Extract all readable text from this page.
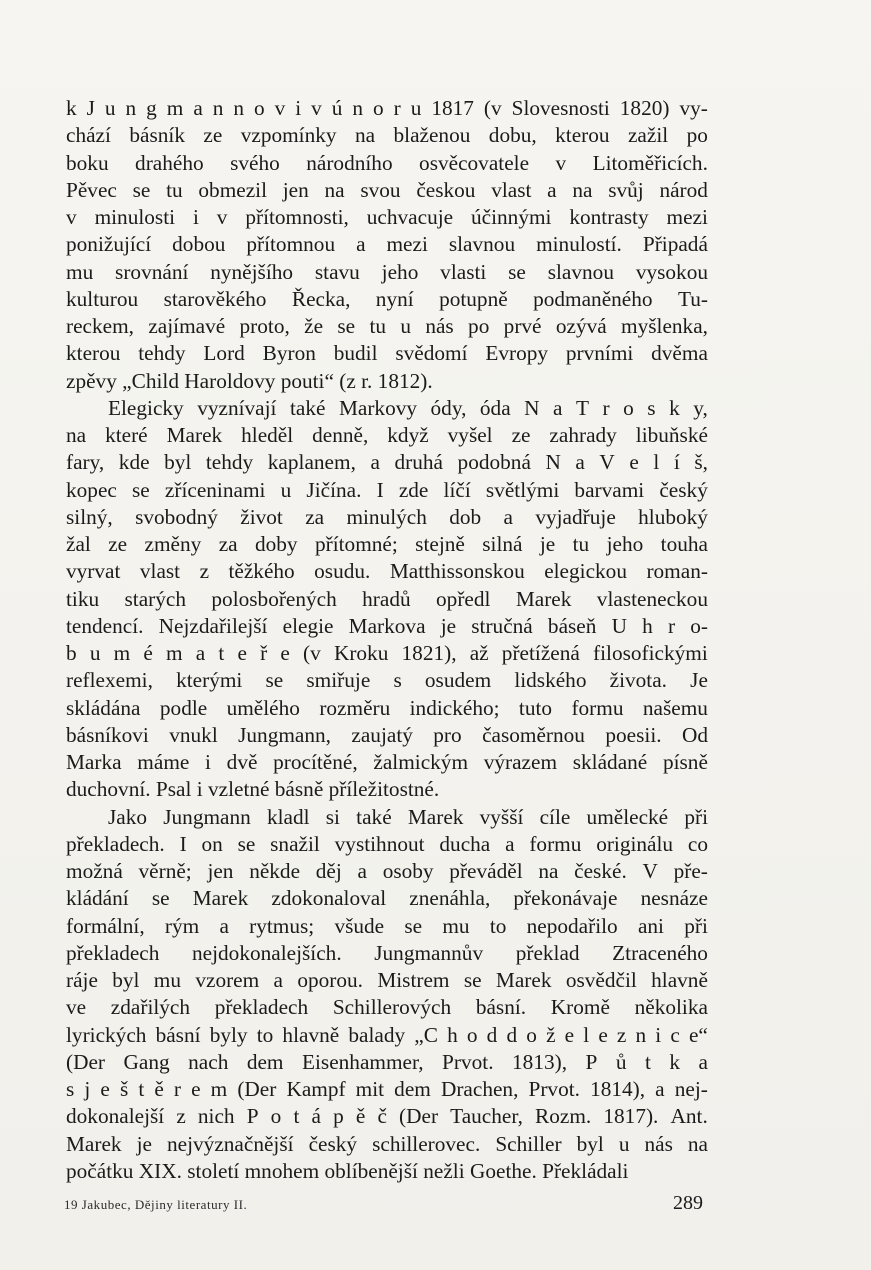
k J u n g m a n n o v i v ú n o r u 1817 (v Slovesnosti 1820) vy-
chází básník ze vzpomínky na blaženou dobu, kterou zažil po
boku drahého svého národního osvěcovatele v Litoměřicích.
Pěvec se tu obmezil jen na svou českou vlast a na svůj národ
v minulosti i v přítomnosti, uchvacuje účinnými kontrasty mezi
ponižující dobou přítomnou a mezi slavnou minulostí. Připadá
mu srovnání nynějšího stavu jeho vlasti se slavnou vysokou
kulturou starověkého Řecka, nyní potupně podmaněného Tu-
reckem, zajímavé proto, že se tu u nás po prvé ozývá myšlenka,
kterou tehdy Lord Byron budil svědomí Evropy prvními dvěma
zpěvy „Child Haroldovy pouti“ (z r. 1812).
Elegicky vyznívají také Markovy ódy, óda N a T r o s k y,
na které Marek hleděl denně, když vyšel ze zahrady libuňské
fary, kde byl tehdy kaplanem, a druhá podobná N a V e l í š,
kopec se zříceninami u Jičína. I zde líčí světlými barvami český
silný, svobodný život za minulých dob a vyjadřuje hluboký
žal ze změny za doby přítomné; stejně silná je tu jeho touha
vyrvat vlast z těžkého osudu. Matthissonskou elegickou roman-
tiku starých polosbořených hradů opředl Marek vlasteneckou
tendencí. Nejzdařilejší elegie Markova je stručná báseň U h r o-
b u m é m a t e ř e (v Kroku 1821), až přetížená filosofickými
reflexemi, kterými se smiřuje s osudem lidského života. Je
skládána podle umělého rozměru indického; tuto formu našemu
básníkovi vnukl Jungmann, zaujatý pro časoměrnou poesii. Od
Marka máme i dvě procítěné, žalmickým výrazem skládané písně
duchovní. Psal i vzletné básně příležitostné.
Jako Jungmann kladl si také Marek vyšší cíle umělecké při
překladech. I on se snažil vystihnout ducha a formu originálu co
možná věrně; jen někde děj a osoby převáděl na české. V pře-
kládání se Marek zdokonaloval znenáhla, překonávaje nesnáze
formální, rým a rytmus; všude se mu to nepodařilo ani při
překladech nejdokonalejších. Jungmannův překlad Ztraceného
ráje byl mu vzorem a oporou. Mistrem se Marek osvědčil hlavně
ve zdařilých překladech Schillerových básní. Kromě několika
lyrických básní byly to hlavně balady „C h o d d o ž e l e z n i c e“
(Der Gang nach dem Eisenhammer, Prvot. 1813), P ů t k a
s j e š t ě r e m (Der Kampf mit dem Drachen, Prvot. 1814), a nej-
dokonalejší z nich P o t á p ě č (Der Taucher, Rozm. 1817). Ant.
Marek je nejvýznačnější český schillerovec. Schiller byl u nás na
počátku XIX. století mnohem oblíbenější nežli Goethe. Překládali
19 Jakubec, Dějiny literatury II.	289
